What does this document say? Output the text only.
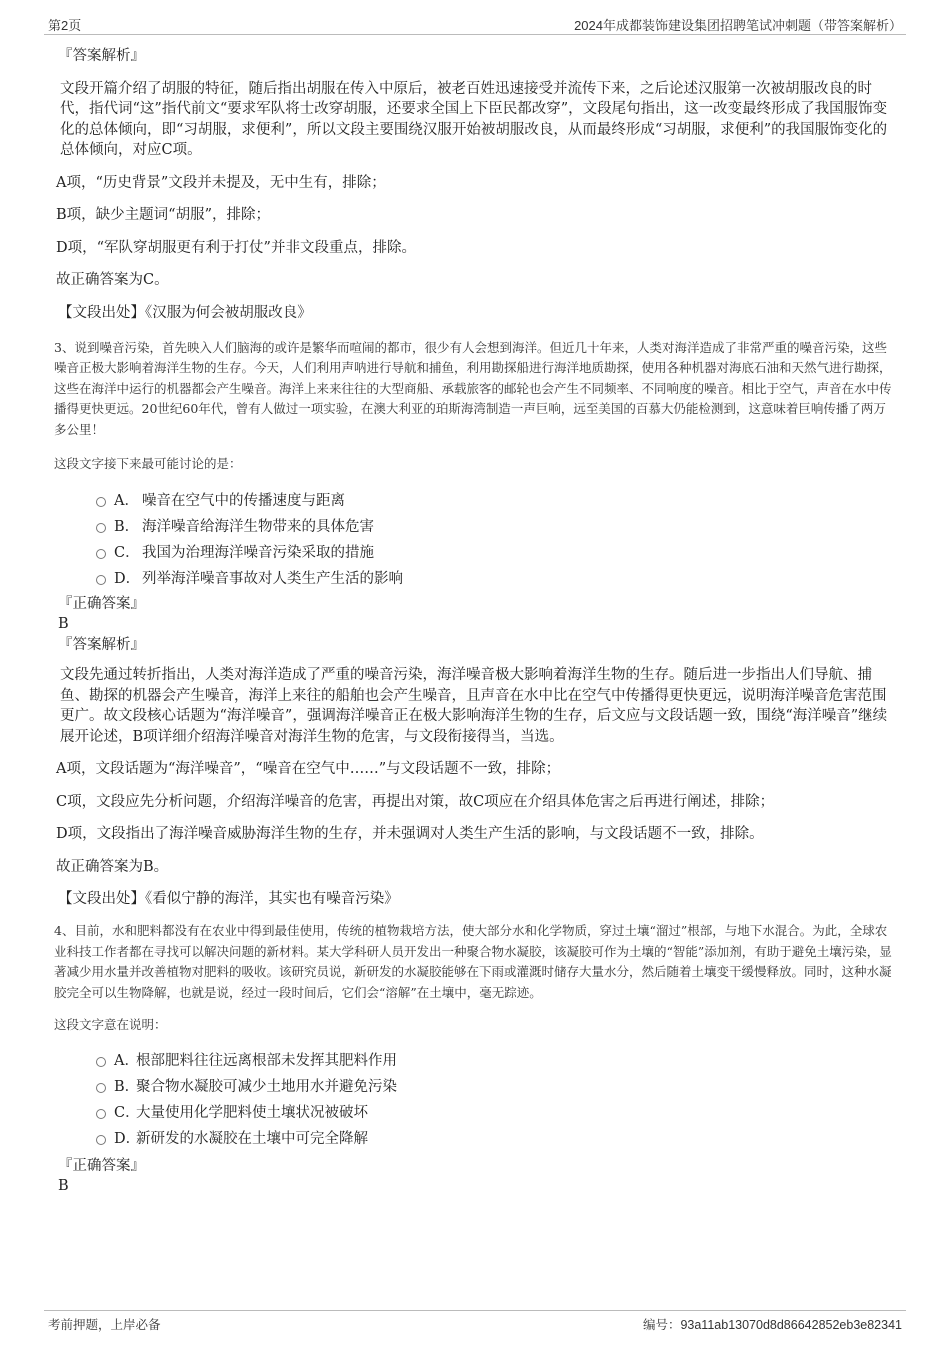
第2页	2024年成都装饰建设集团招聘笔试冲刺题（带答案解析）
『答案解析』

文段开篇介绍了胡服的特征，随后指出胡服在传入中原后，被老百姓迅速接受并流传下来，之后论述汉服第一次被胡服改良的时代，指代词“这”指代前文“要求军队将士改穿胡服，还要求全国上下臣民都改穿”，文段尾句指出，这一改变最终形成了我国服饰变化的总体倾向，即“习胡服，求便利”，所以文段主要围绕汉服开始被胡服改良，从而最终形成“习胡服，求便利”的我国服饰变化的总体倾向，对应C项。

A项，“历史背景”文段并未提及，无中生有，排除；

B项，缺少主题词“胡服”，排除；

D项，“军队穿胡服更有利于打仗”并非文段重点，排除。

故正确答案为C。

【文段出处】《汉服为何会被胡服改良》

3、说到噪音污染，首先映入人们脑海的或许是繁华而喧闹的都市，很少有人会想到海洋。但近几十年来，人类对海洋造成了非常严重的噪音污染，这些噪音正极大影响着海洋生物的生存。今天，人们利用声呐进行导航和捕鱼，利用勘探船进行海洋地质勘探，使用各种机器对海底石油和天然气进行勘探，这些在海洋中运行的机器都会产生噪音。海洋上来来往往的大型商船、承载旅客的邮轮也会产生不同频率、不同响度的噪音。相比于空气，声音在水中传播得更快更远。20世纪60年代，曾有人做过一项实验，在澳大利亚的珀斯海湾制造一声巨响，远至美国的百慕大仍能检测到，这意味着巨响传播了两万多公里！

这段文字接下来最可能讨论的是：

A． 噪音在空气中的传播速度与距离
B． 海洋噪音给海洋生物带来的具体危害
C． 我国为治理海洋噪音污染采取的措施
D． 列举海洋噪音事故对人类生产生活的影响
『正确答案』
B
『答案解析』

文段先通过转折指出，人类对海洋造成了严重的噪音污染，海洋噪音极大影响着海洋生物的生存。随后进一步指出人们导航、捕鱼、勘探的机器会产生噪音，海洋上来往的船舶也会产生噪音，且声音在水中比在空气中传播得更快更远，说明海洋噪音危害范围更广。故文段核心话题为“海洋噪音”，强调海洋噪音正在极大影响海洋生物的生存，后文应与文段话题一致，围绕“海洋噪音”继续展开论述，B项详细介绍海洋噪音对海洋生物的危害，与文段衔接得当，当选。

A项，文段话题为“海洋噪音”，“噪音在空气中……”与文段话题不一致，排除；

C项，文段应先分析问题，介绍海洋噪音的危害，再提出对策，故C项应在介绍具体危害之后再进行阐述，排除；

D项，文段指出了海洋噪音威胁海洋生物的生存，并未强调对人类生产生活的影响，与文段话题不一致，排除。

故正确答案为B。

【文段出处】《看似宁静的海洋，其实也有噪音污染》

4、目前，水和肥料都没有在农业中得到最佳使用，传统的植物栽培方法，使大部分水和化学物质，穿过土壤“溜过”根部，与地下水混合。为此，全球农业科技工作者都在寻找可以解决问题的新材料。某大学科研人员开发出一种聚合物水凝胶，该凝胶可作为土壤的“智能”添加剂，有助于避免土壤污染，显著减少用水量并改善植物对肥料的吸收。该研究员说，新研发的水凝胶能够在下雨或灌溉时储存大量水分，然后随着土壤变干缓慢释放。同时，这种水凝胶完全可以生物降解，也就是说，经过一段时间后，它们会“溶解”在土壤中，毫无踪迹。

这段文字意在说明：

A．根部肥料往往远离根部未发挥其肥料作用
B．聚合物水凝胶可减少土地用水并避免污染
C．大量使用化学肥料使土壤状况被破坏
D．新研发的水凝胶在土壤中可完全降解
『正确答案』
B
考前押题，上岸必备	编号：93a11ab13070d8d86642852eb3e82341
